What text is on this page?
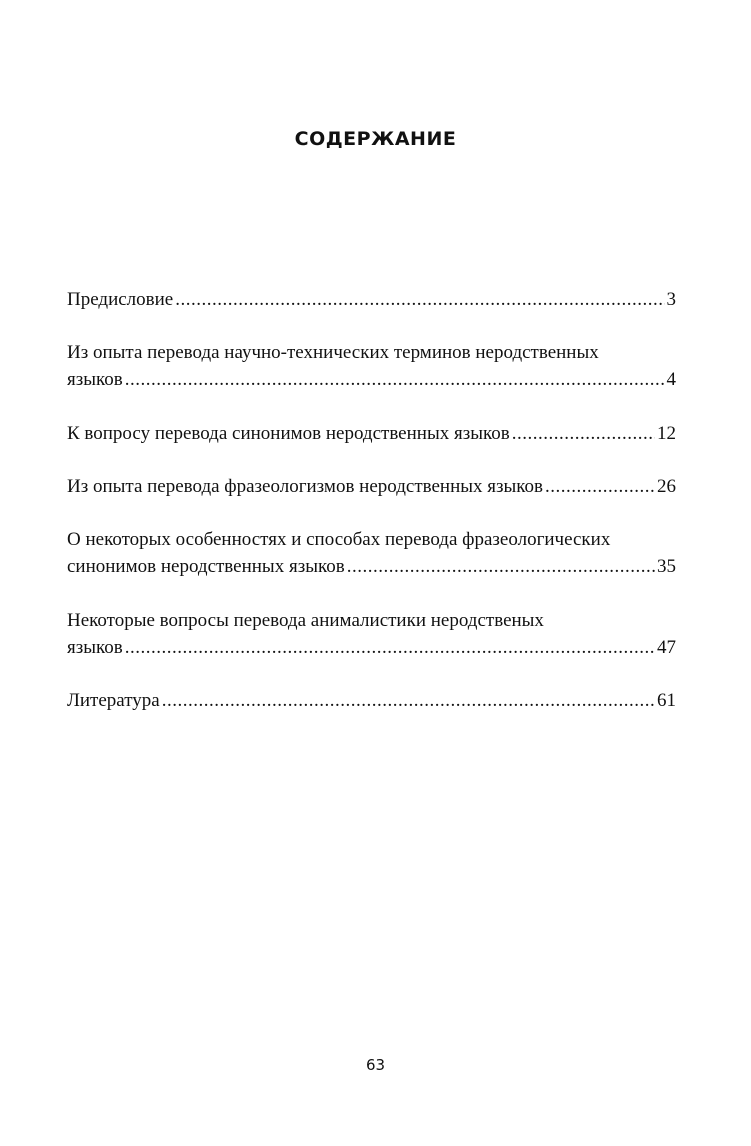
СОДЕРЖАНИЕ
Предисловие .....	3
Из опыта перевода научно-технических терминов неродственных
языков .....	4
К вопросу перевода синонимов неродственных языков .....	12
Из опыта перевода фразеологизмов неродственных языков .....	26
О некоторых особенностях и способах перевода фразеологических
синонимов неродственных языков .....	35
Некоторые вопросы перевода анималистики неродственых
языков .....	47
Литература .....	61
63
